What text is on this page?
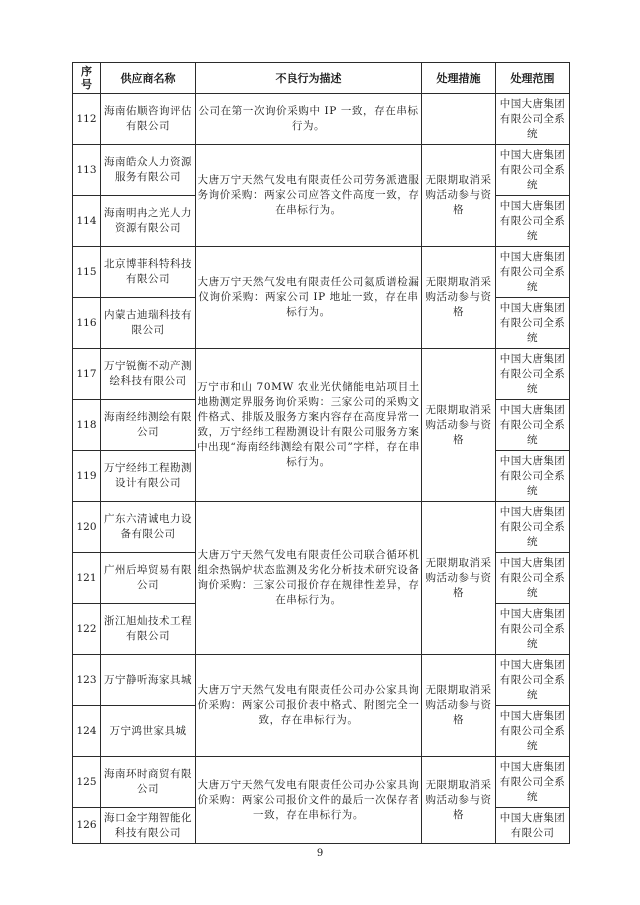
序
号	供应商名称	不良行为描述	处理措施	处理范围
112	海南佑顺咨询评估有限公司	公司在第一次询价采购中 IP 一致，存在串标行为。		中国大唐集团有限公司全系统
113	海南皓众人力资源服务有限公司	大唐万宁天然气发电有限责任公司劳务派遣服务询价采购：两家公司应答文件高度一致，存在串标行为。	无限期取消采购活动参与资格	中国大唐集团有限公司全系统
114	海南明冉之光人力资源有限公司			中国大唐集团有限公司全系统
115	北京博菲科特科技有限公司	大唐万宁天然气发电有限责任公司氦质谱检漏仪询价采购：两家公司 IP 地址一致，存在串标行为。	无限期取消采购活动参与资格	中国大唐集团有限公司全系统
116	内蒙古迪瑞科技有限公司			中国大唐集团有限公司全系统
117	万宁锐衡不动产测绘科技有限公司	万宁市和山 70MW 农业光伏储能电站项目土地勘测定界服务询价采购：三家公司的采购文件格式、排版及服务方案内容存在高度异常一致，万宁经纬工程勘测设计有限公司服务方案中出现“海南经纬测绘有限公司”字样，存在串标行为。	无限期取消采购活动参与资格	中国大唐集团有限公司全系统
118	海南经纬测绘有限公司			中国大唐集团有限公司全系统
119	万宁经纬工程勘测设计有限公司			中国大唐集团有限公司全系统
120	广东六清诚电力设备有限公司	大唐万宁天然气发电有限责任公司联合循环机组余热锅炉状态监测及劣化分析技术研究设备询价采购：三家公司报价存在规律性差异，存在串标行为。	无限期取消采购活动参与资格	中国大唐集团有限公司全系统
121	广州后埠贸易有限公司			中国大唐集团有限公司全系统
122	浙江旭灿技术工程有限公司			中国大唐集团有限公司全系统
123	万宁静听海家具城	大唐万宁天然气发电有限责任公司办公家具询价采购：两家公司报价表中格式、附图完全一致，存在串标行为。	无限期取消采购活动参与资格	中国大唐集团有限公司全系统
124	万宁鸿世家具城			中国大唐集团有限公司全系统
125	海南环时商贸有限公司	大唐万宁天然气发电有限责任公司办公家具询价采购：两家公司报价文件的最后一次保存者一致，存在串标行为。	无限期取消采购活动参与资格	中国大唐集团有限公司全系统
126	海口金宇翔智能化科技有限公司			中国大唐集团有限公司
9
